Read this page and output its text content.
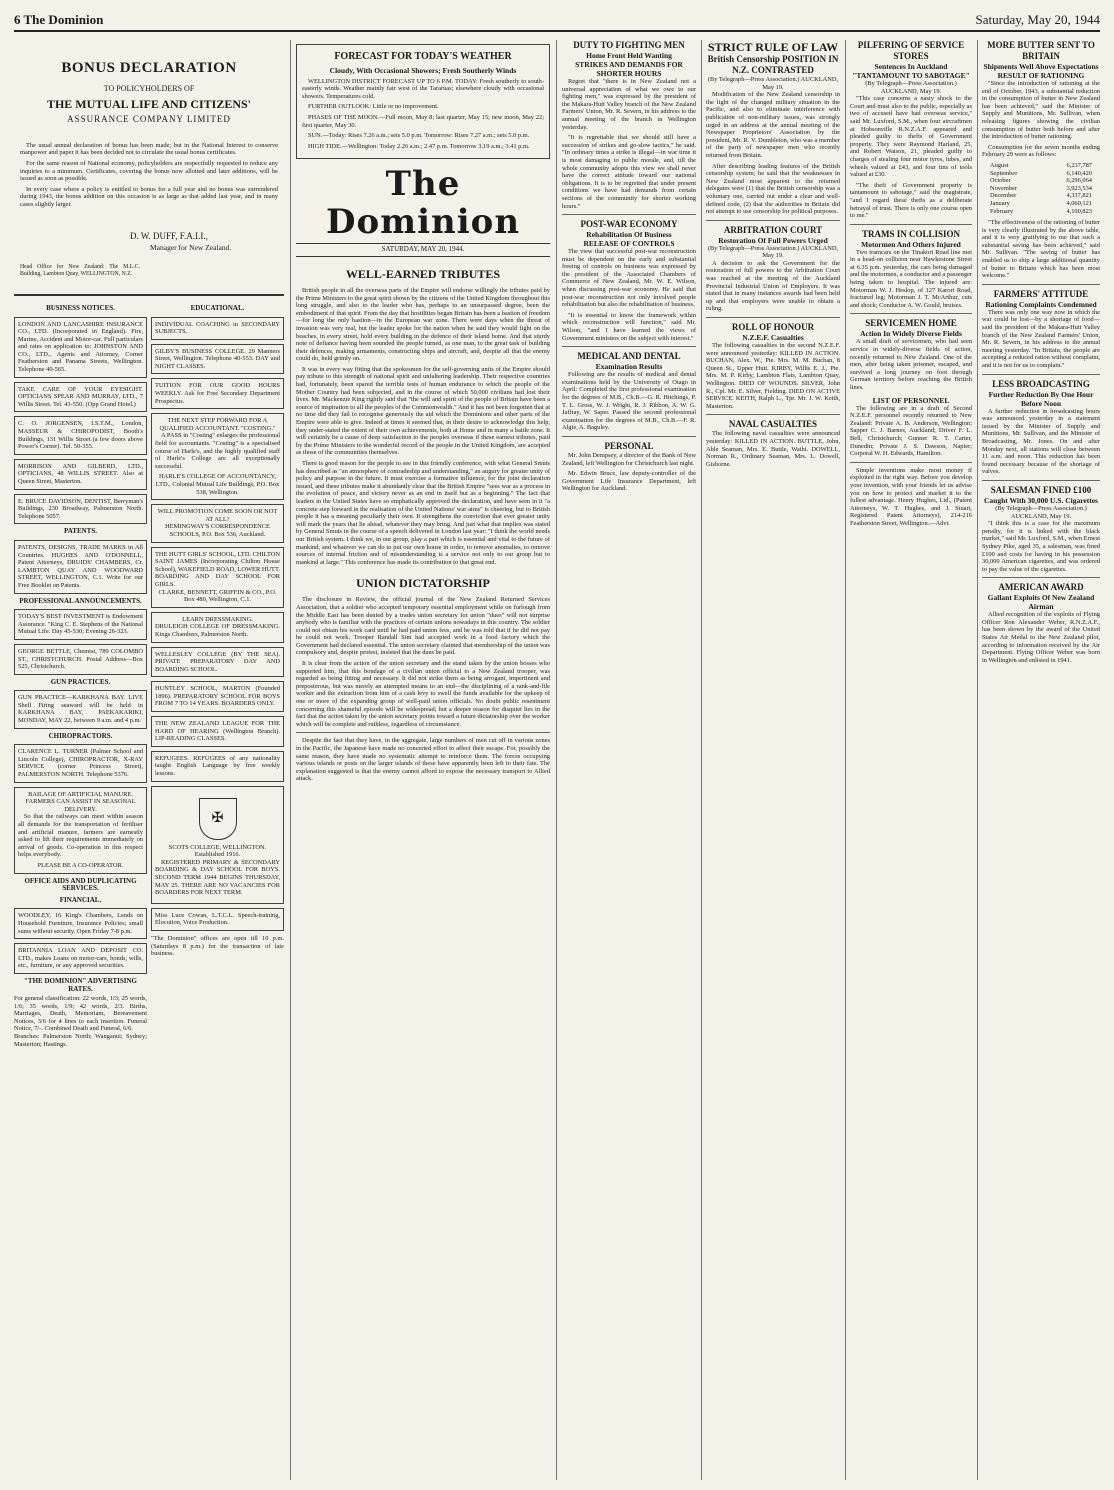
6 The Dominion	Saturday, May 20, 1944
BONUS DECLARATION
TO POLICYHOLDERS OF
THE MUTUAL LIFE AND CITIZENS'
ASSURANCE COMPANY LIMITED

The usual annual declaration of bonus has been made; but in the National Interest to conserve manpower and paper it has been decided not to circulate the usual bonus certificates.

For the same reason of National economy, policyholders are respectfully requested to reduce any inquiries to a minimum. Certificates, covering the bonus now allotted and later additions, will be issued as soon as possible.

In every case where a policy is entitled to bonus for a full year and no bonus was surrendered during 1943, the bonus addition on this occasion is as large as that added last year, and in many cases slightly larger.

D. W. DUFF, F.A.I.I.,
Manager for New Zealand.
Head Office for New Zealand: The M.L.C. Building, Lambton Quay, WELLINGTON, N.Z.
BUSINESS NOTICES.
LONDON AND LANCASHIRE INSURANCE CO., LTD. (Incorporated in England). Fire, Marine, Accident and Motor-car. Full particulars and rates on application to: JOHNSTON AND CO., LTD., Agents and Attorney, Corner Featherston and Panama Streets, Wellington. Telephone 40-565.
TAKE CARE OF YOUR EYESIGHT. OPTICIANS SPEAR AND MURRAY, LTD., 7 Willis Street. Tel. 43-550. (Opp Grand Hotel.)
C. O. JORGENSEN, I.S.T.M., London, MASSEUR & CHIROPODIST, Booth's Buildings, 131 Willis Street (a few doors above Power's Corner). Tel. 50-355.
MORRISON AND GILBERD, LTD., OPTICIANS, 48 WILLIS STREET. Also at Queen Street, Masterton.
E. BRUCE DAVIDSON, DENTIST, Berryman's Buildings, 230 Broadway, Palmerston North. Telephone 5057.
PATENTS.
PATENTS, DESIGNS, TRADE MARKS in All Countries. HUGHES AND O'DONNELL, Patent Attorneys, DRUIDS' CHAMBERS, Cr. LAMBTON QUAY AND WOODWARD STREET, WELLINGTON, C.1. Write for our Free Booklet on Patents.
PROFESSIONAL ANNOUNCEMENTS.
TODAY'S BEST INVESTMENT is Endowment Assurance. "King C. E. Stephens of the National Mutual Life. Day 45-530; Evening 26-323.
GEORGE BETTLE, Chemist, 789 COLOMBO ST., CHRISTCHURCH. Postal Address—Box 525, Christchurch.
GUN PRACTICES.
GUN PRACTICE—KARKHANA BAY. LIVE Shell Firing seaward will be held in KARKHANA BAY, PAEKAKARIKI, MONDAY, MAY 22, between 9 a.m. and 4 p.m.
CHIROPRACTORS.
CLARENCE L. TURNER (Palmer School and Lincoln College), CHIROPRACTOR, X-RAY SERVICE (corner Princess Street), PALMERSTON NORTH. Telephone 5376.
BAILAGE OF ARTIFICIAL MANURE. FARMERS CAN ASSIST IN SEASONAL DELIVERY.

So that the railways can meet within season all demands for the transportation of fertiliser and artificial manure, farmers are earnestly asked to lift their requirements immediately on arrival of goods. Co-operation in this respect helps everybody.

PLEASE BE A CO-OPERATOR.
OFFICE AIDS AND DUPLICATING SERVICES.
FINANCIAL.
WOODLEY, 16 King's Chambers, Lends on Household Furniture, Insurance Policies; small sums without security. Open Friday 7-8 p.m.
BRITANNIA LOAN AND DEPOSIT CO. LTD., makes Loans on motor-cars, bonds, wills, etc., furniture, or any approved securities.
"THE DOMINION" ADVERTISING RATES.
For general classification: 22 words, 1/3; 25 words, 1/6; 35 words, 1/9; 42 words, 2/3. Births, Marriages, Death, Memoriam, Bereavement Notices, 3/6 for 4 lines to each insertion. Funeral Notice, 7/-. Combined Death and Funeral, 6/6.
Branches: Palmerston North; Wanganui; Sydney; Masterton; Hastings.
EDUCATIONAL.
INDIVIDUAL COACHING in SECONDARY SUBJECTS.
GILBY'S BUSINESS COLLEGE. 29 Manners Street, Wellington. Telephone 40-553. DAY and NIGHT CLASSES.
TUITION FOR OUR GOOD HOURS WEEKLY. Ask for Free Secondary Department Prospectus.
THE NEXT STEP FORWARD FOR A QUALIFIED ACCOUNTANT. "COSTING."

A PASS in "Costing" enlarges the professional field for accountants. "Costing" is a specialised course of Harle's, and the highly qualified staff of Harle's College are all exceptionally successful.

HARLE'S COLLEGE OF ACCOUNTANCY, LTD., Colonial Mutual Life Buildings, P.O. Box 538, Wellington.
WILL PROMOTION COME SOON OR NOT AT ALL?
HEMINGWAY'S CORRESPONDENCE SCHOOLS, P.O. Box 536, Auckland.
THE HUTT GIRLS' SCHOOL, LTD. CHILTON SAINT JAMES (Incorporating Chilton House School), WAKEFIELD ROAD, LOWER HUTT. BOARDING AND DAY SCHOOL FOR GIRLS.
CLARKE, BENNETT, GRIFFIN & CO., P.O. Box 480, Wellington, C.1.
LEARN DRESSMAKING.
DRULEIGH COLLEGE OF DRESSMAKING. Kings Chambers, Palmerston North.
WELLESLEY COLLEGE (BY THE SEA). PRIVATE PREPARATORY DAY AND BOARDING SCHOOL.
HUNTLEY SCHOOL, MARTON (Founded 1896). PREPARATORY SCHOOL FOR BOYS FROM 7 TO 14 YEARS. BOARDERS ONLY.
THE NEW ZEALAND LEAGUE FOR THE HARD OF HEARING (Wellington Branch). LIP-READING CLASSES.
REFUGEES. REFUGEES of any nationality taught English Language by free weekly lessons.
✠
SCOTS COLLEGE, WELLINGTON. Established 1916.

REGISTERED PRIMARY & SECONDARY BOARDING & DAY SCHOOL FOR BOYS. SECOND TERM 1944 BEGINS THURSDAY, MAY 25. THERE ARE NO VACANCIES FOR BOARDERS FOR NEXT TERM.

Miss Luce Cowan, L.T.C.L. Speech-training, Elocution, Voice Production.
"The Dominion" offices are open till 10 p.m. (Saturdays 8 p.m.) for the transaction of late business.
FORECAST FOR TODAY'S WEATHER
Cloudy, With Occasional Showers; Fresh Southerly Winds

WELLINGTON DISTRICT FORECAST UP TO 6 P.M. TODAY: Fresh southerly to south-easterly winds. Weather mainly fair west of the Tararuas; elsewhere cloudy with occasional showers. Temperatures cold.

FURTHER OUTLOOK: Little or no improvement.

PHASES OF THE MOON.—Full moon, May 8; last quarter, May 15; new moon, May 22; first quarter, May 30.

SUN.—Today: Rises 7.26 a.m.; sets 5.0 p.m. Tomorrow: Rises 7.27 a.m.; sets 5.0 p.m.

HIGH TIDE.—Wellington: Today 2.26 a.m.; 2.47 p.m. Tomorrow 3.19 a.m.; 3.41 p.m.

The Dominion
SATURDAY, MAY 20, 1944.
WELL-EARNED TRIBUTES

British people in all the overseas parts of the Empire will endorse willingly the tributes paid by the Prime Ministers to the great spirit shown by the citizens of the United Kingdom throughout this long struggle, and also to the leader who has, perhaps to an unsurpassed degree, been the embodiment of that spirit. From the day that hostilities began Britain has been a bastion of freedom—for long the only bastion—in the European war zone. There were days when the threat of invasion was very real, but the leader spoke for the nation when he said they would fight on the beaches, in every street, hold every building in the defence of their island home. And that sturdy note of defiance having been sounded the people turned, as one man, to the great task of building their defences, making armaments, constructing ships and aircraft, and, despite all that the enemy could do, held grimly on.

It was in every way fitting that the spokesmen for the self-governing units of the Empire should pay tribute to this strength of national spirit and unfaltering leadership. Their respective countries had, fortunately, been spared the terrible tests of human endurance to which the people of the Mother Country had been subjected, and in the course of which 50,000 civilians had lost their lives. Mr. Mackenzie King rightly said that "the will and spirit of the people of Britain have been a source of inspiration to all the peoples of the Commonwealth." And it has not been forgotten that at no time did they fail to recognise generously the aid which the Dominions and other parts of the Empire were able to give. Indeed at times it seemed that, in their desire to acknowledge this help, they under-stated the extent of their own achievements, both at Home and in many a battle zone. It will certainly be a cause of deep satisfaction to the peoples overseas if these earnest tributes, paid by the Prime Ministers to the wonderful record of the people in the United Kingdom, are accepted as those of the communities themselves.

There is good reason for the people to see in this friendly conference, with what General Smuts has described as "an atmosphere of comradeship and understanding," an augury for greater unity of policy and purpose in the future. It must exercise a formative influence, for the joint declaration issued, and these tributes make it abundantly clear that the British Empire "sees war as a process in the evolution of peace, and victory never as an end in itself but as a beginning." The fact that leaders in the United States have so emphatically approved the declaration, and have seen in it "a concrete step forward in the realisation of the United Nations' war aims" is cheering, but to British people it has a meaning peculiarly their own. It strengthens the conviction that ever greater unity will mark the years that lie ahead, whatever they may bring. And just what that implies was stated by General Smuts in the course of a speech delivered in London last year: "I think the world needs our British system. I think we, in our group, play a part which is essential and vital to the future of mankind, and whatever we can do to put our own house in order, to remove anomalies, to remove sources of internal friction and of misunderstanding is a service not only to our group but to mankind at large." This conference has made its contribution to that great end.

UNION DICTATORSHIP

The disclosure in Review, the official journal of the New Zealand Returned Services Association, that a soldier who accepted temporary essential employment while on furlough from the Middle East has been denied by a trades union secretary for union "dues" will not surprise anybody who is familiar with the practices of certain unions nowadays in this country. The soldier could not obtain his work card until he had paid union fees, and he was told that if he did not pay he could not work. Trooper Randall Sim had accepted work in a food factory which the Government had declared essential. The union secretary claimed that membership of the union was compulsory and, despite protest, insisted that the dues be paid.

It is clear from the action of the union secretary and the stand taken by the union bosses who supported him, that this bondage of a civilian union official to a New Zealand trooper, was regarded as being fitting and necessary. It did not strike them as being arrogant, impertinent and preposterous, but was merely an attempted means to an end—the disciplining of a rank-and-file worker and the extraction from him of a cash levy to swell the funds available for the upkeep of one or more of the expanding group of well-paid union officials. No doubt public resentment concerning this shameful episode will be widespread; but a deeper reason for disquiet lies in the fact that the action taken by the union secretary points toward a future dictatorship over the worker which will be complete and ruthless, regardless of circumstance.

Despite the fact that they have, in the aggregate, large numbers of men cut off in various zones in the Pacific, the Japanese have made no concerted effort to affect their escape. For, possibly the same reason, they have made no systematic attempt to reinforce them. The forces occupying various islands or posts on the larger islands of these have apparently been left to their fate. The explanation suggested is that the enemy cannot afford to expose the necessary transport to Allied attack.

DUTY TO FIGHTING MEN
Home Front Held Wanting
STRIKES AND DEMANDS FOR SHORTER HOURS

Regret that "there is in New Zealand not a universal appreciation of what we owe to our fighting men," was expressed by the president of the Makara-Hutt Valley branch of the New Zealand Farmers' Union, Mr. R. Severn, in his address to the annual meeting of the branch in Wellington yesterday.

"It is regrettable that we should still have a succession of strikes and go-slow tactics," he said. "In ordinary times a strike is illegal—in war time it is most damaging to public morale, and, till the whole community adopts this view we shall never have the correct attitude toward our national obligations. It is to be regretted that under present conditions we have had demands from certain sections of the community for shorter working hours."

POST-WAR ECONOMY
Rehabilitation Of Business
RELEASE OF CONTROLS

The view that successful post-war reconstruction must be dependent on the early and substantial freeing of controls on business was expressed by the president of the Associated Chambers of Commerce of New Zealand, Mr. W. E. Wilson, when discussing post-war economy. He said that post-war reconstruction not only involved people rehabilitation but also the rehabilitation of business.

"It is essential to know the framework within which reconstruction will function," said Mr. Wilson, "and I have learned the views of Government ministers on the subject with interest."

MEDICAL AND DENTAL
Examination Results

Following are the results of medical and dental examinations held by the University of Otago in April: Completed the first professional examination for the degrees of M.B., Ch.B.—G. R. Hitchings, P. T. L. Gross, W. J. Wright, R. J. Ribbon, A. W. G. Jaffray, W. Saper. Passed the second professional examination for the degrees of M.B., Ch.B.—F. R. Algie, A. Baguley.

PERSONAL

Mr. John Dempsey, a director of the Bank of New Zealand, left Wellington for Christchurch last night.

Mr. Edwin Bruce, law deputy-controller of the Government Life Insurance Department, left Wellington for Auckland.

STRICT RULE OF LAW
British Censorship POSITION IN N.Z. CONTRASTED
(By Telegraph—Press Association.) AUCKLAND, May 19.

Modification of the New Zealand censorship in the light of the changed military situation in the Pacific, and also to eliminate interference with publication of non-military issues, was strongly urged in an address at the annual meeting of the Newspaper Proprietors' Association by the president, Mr. R. V. Dumbleton, who was a member of the party of newspaper men who recently returned from Britain.

After describing leading features of the British censorship system, he said that the weaknesses in New Zealand most apparent to the returned delegates were (1) that the British censorship was a voluntary one, carried out under a clear and well-defined code, (2) that the authorities in Britain did not attempt to use censorship for political purposes.

ARBITRATION COURT
Restoration Of Full Powers Urged
(By Telegraph—Press Association.) AUCKLAND, May 19.

A decision to ask the Government for the restoration of full powers to the Arbitration Court was reached at the meeting of the Auckland Provincial Industrial Union of Employers. It was stated that in many instances awards had been held up and that employers were unable to obtain a ruling.

ROLL OF HONOUR
N.Z.E.F. Casualties

The following casualties in the second N.Z.E.F. were announced yesterday: KILLED IN ACTION. BUCHAN, Alex. W., Pte. Mrs. M. M. Buchan, 8 Queen St., Upper Hutt. KIRBY, Willis E. J., Pte. Mrs. M. P. Kirby, Lambton Flats, Lambton Quay, Wellington. DIED OF WOUNDS. SILVER, John R., Cpl. Mr. E. Silver, Fielding. DIED ON ACTIVE SERVICE. KEITH, Ralph L., Tpr. Mr. J. W. Keith, Masterton.

NAVAL CASUALTIES

The following naval casualties were announced yesterday: KILLED IN ACTION. BUTTLE, John, Able Seaman, Mrs. E. Buttle, Waihi. DOWELL, Norman R., Ordinary Seaman, Mrs. L. Dowell, Gisborne.

PILFERING OF SERVICE STORES
Sentences In Auckland
"TANTAMOUNT TO SABOTAGE"
(By Telegraph—Press Association.) AUCKLAND, May 19.

"This case concerns a nasty shock to the Court and must also to the public, especially as two of accused have had overseas service," said Mr. Luxford, S.M., when four aircraftmen at Hobsonville R.N.Z.A.F. appeared and pleaded guilty to thefts of Government property. They were Raymond Harland, 25, and Robert Watson, 21, pleaded guilty to charges of stealing four motor tyres, tubes, and wheels valued at £43, and four tins of tools valued at £30.

"The theft of Government property is tantamount to sabotage," said the magistrate, "and I regard these thefts as a deliberate betrayal of trust. There is only one course open to me."

TRAMS IN COLLISION
Motormen And Others Injured

Two tramcars on the Tinakori Road line met in a head-on collision near Hawkestone Street at 6.35 p.m. yesterday, the cars being damaged and the motormen, a conductor and a passenger being taken to hospital. The injured are: Motorman W. J. Heslop, of 127 Karori Road, fractured leg; Motorman J. T. McArthur, cuts and shock; Conductor A. W. Gould, bruises.

SERVICEMEN HOME
Action In Widely Diverse Fields

A small draft of servicemen, who had seen service in widely-diverse fields of action, recently returned to New Zealand. One of the men, after being taken prisoner, escaped, and survived a long journey on foot through German territory before reaching the British lines.

LIST OF PERSONNEL

The following are in a draft of Second N.Z.E.F. personnel recently returned to New Zealand: Private A. B. Anderson, Wellington; Sapper C. J. Barnes, Auckland; Driver F. L. Bell, Christchurch; Gunner R. T. Carter, Dunedin; Private J. S. Dawson, Napier; Corporal W. H. Edwards, Hamilton.

Simple inventions make most money if exploited in the right way. Before you develop your invention, with your friends let us advise you on how to protect and market it to the fullest advantage. Henry Hughes, Ltd., (Patent Attorneys, W. T. Hughes, and J. Stuart, Registered Patent Attorneys), 214-216 Featherston Street, Wellington.—Advt.

MORE BUTTER SENT TO BRITAIN
Shipments Well Above Expectations
RESULT OF RATIONING

"Since the introduction of rationing at the end of October, 1943, a substantial reduction in the consumption of butter in New Zealand has been achieved," said the Minister of Supply and Munitions, Mr. Sullivan, when releasing figures showing the civilian consumption of butter both before and after the introduction of butter rationing.

Consumption for the seven months ending February 29 were as follows:

August	6,237,787
September	6,140,420
October	6,296,064
November	3,923,534
December	4,337,821
January	4,060,121
February	4,100,823

"The effectiveness of the rationing of butter is very clearly illustrated by the above table, and it is very gratifying to me that such a substantial saving has been achieved," said Mr. Sullivan. "The saving of butter has enabled us to ship a large additional quantity of butter to Britain which has been most welcome."

FARMERS' ATTITUDE
Rationing Complaints Condemned

There was only one way now in which the war could be lost—by a shortage of food—said the president of the Makara-Hutt Valley branch of the New Zealand Farmers' Union, Mr. R. Severn, in his address to the annual meeting yesterday. "In Britain, the people are accepting a reduced ration without complaint, and it is not for us to complain."

LESS BROADCASTING
Further Reduction By One Hour Before Noon

A further reduction in broadcasting hours was announced yesterday in a statement issued by the Minister of Supply and Munitions, Mr. Sullivan, and the Minister of Broadcasting, Mr. Jones. On and after Monday next, all stations will close between 11 a.m. and noon. This reduction has been found necessary because of the shortage of valves.

SALESMAN FINED £100
Caught With 30,000 U.S. Cigarettes
(By Telegraph—Press Association.) AUCKLAND, May 19.

"I think this is a case for the maximum penalty, for it is linked with the black market," said Mr. Luxford, S.M., when Ernest Sydney Pike, aged 35, a salesman, was fined £100 and costs for having in his possession 30,000 American cigarettes, and was ordered to pay the value of the cigarettes.

AMERICAN AWARD
Gallant Exploits Of New Zealand Airman

Allied recognition of the exploits of Flying Officer Ron Alexander Weber, R.N.Z.A.F., has been shown by the award of the United States Air Medal to the New Zealand pilot, according to information received by the Air Department. Flying Officer Weber was born in Wellington and enlisted in 1941.
